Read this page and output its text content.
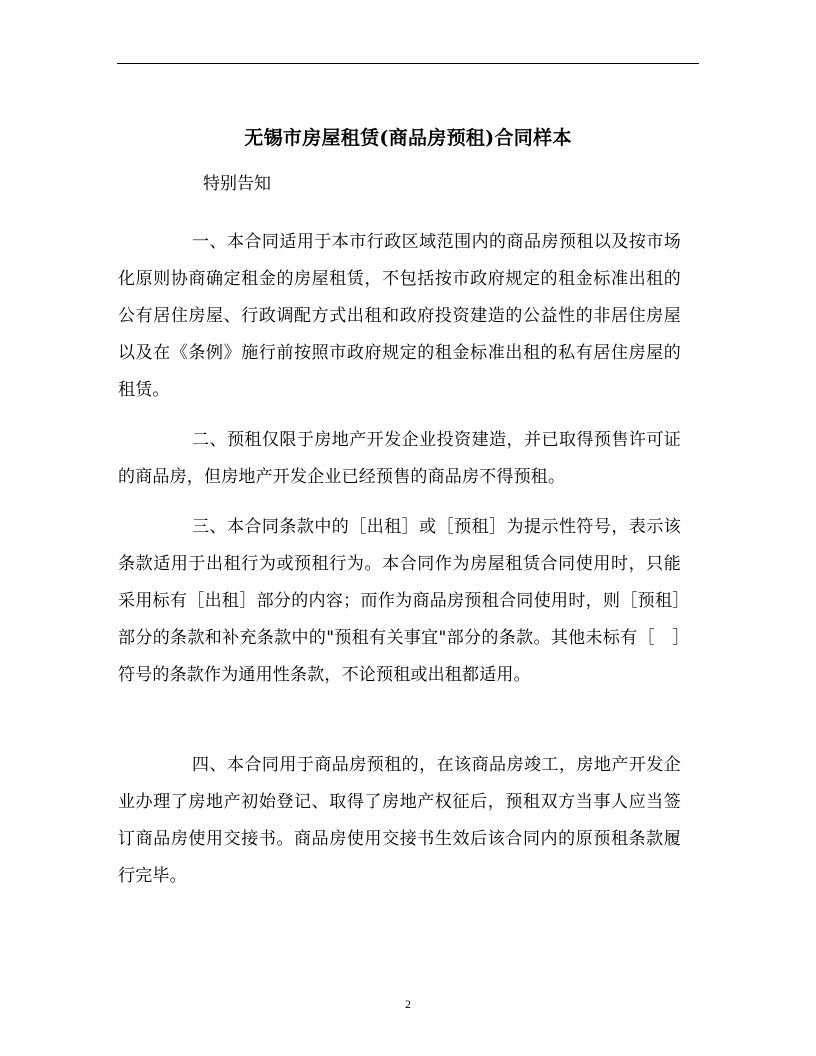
无锡市房屋租赁(商品房预租)合同样本
特别告知

一、本合同适用于本市行政区域范围内的商品房预租以及按市场化原则协商确定租金的房屋租赁，不包括按市政府规定的租金标准出租的公有居住房屋、行政调配方式出租和政府投资建造的公益性的非居住房屋以及在《条例》施行前按照市政府规定的租金标准出租的私有居住房屋的租赁。

二、预租仅限于房地产开发企业投资建造，并已取得预售许可证的商品房，但房地产开发企业已经预售的商品房不得预租。

三、本合同条款中的［出租］或［预租］为提示性符号，表示该条款适用于出租行为或预租行为。本合同作为房屋租赁合同使用时，只能采用标有［出租］部分的内容；而作为商品房预租合同使用时，则［预租］部分的条款和补充条款中的"预租有关事宜"部分的条款。其他未标有［　］符号的条款作为通用性条款，不论预租或出租都适用。

四、本合同用于商品房预租的，在该商品房竣工，房地产开发企业办理了房地产初始登记、取得了房地产权征后，预租双方当事人应当签订商品房使用交接书。商品房使用交接书生效后该合同内的原预租条款履行完毕。

2
